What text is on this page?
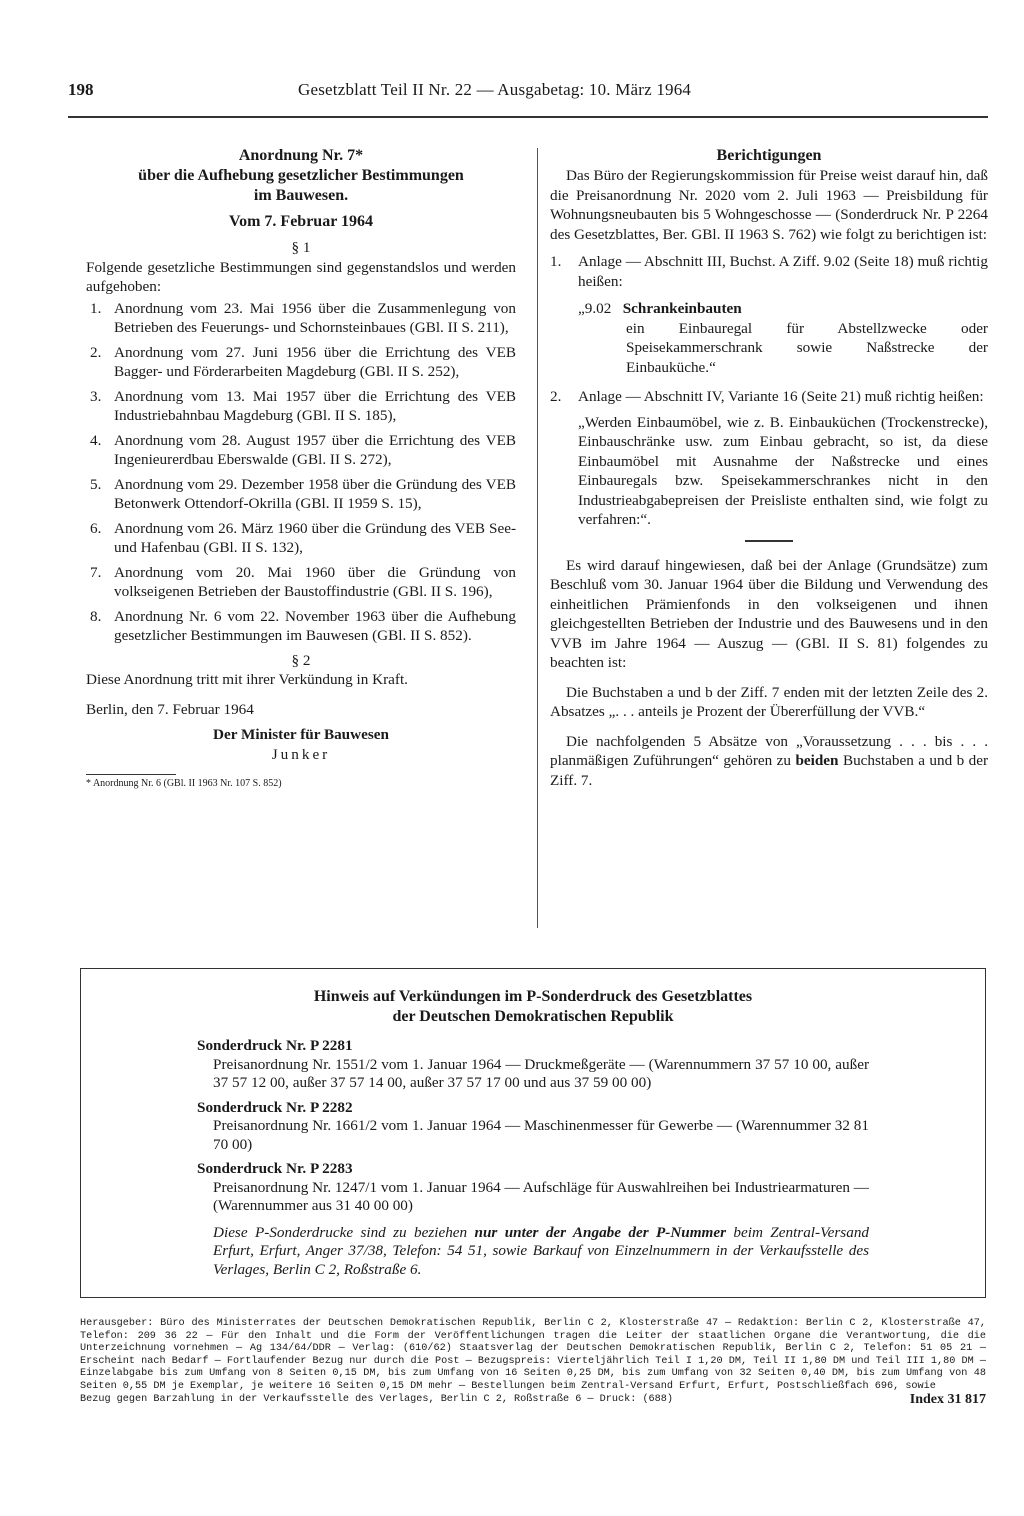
198	Gesetzblatt Teil II Nr. 22 — Ausgabetag: 10. März 1964
Anordnung Nr. 7*
über die Aufhebung gesetzlicher Bestimmungen
im Bauwesen.
Vom 7. Februar 1964
§ 1

Folgende gesetzliche Bestimmungen sind gegenstandslos und werden aufgehoben:

1. Anordnung vom 23. Mai 1956 über die Zusammenlegung von Betrieben des Feuerungs- und Schornsteinbaues (GBl. II S. 211),
2. Anordnung vom 27. Juni 1956 über die Errichtung des VEB Bagger- und Förderarbeiten Magdeburg (GBl. II S. 252),
3. Anordnung vom 13. Mai 1957 über die Errichtung des VEB Industriebahnbau Magdeburg (GBl. II S. 185),
4. Anordnung vom 28. August 1957 über die Errichtung des VEB Ingenieurerdbau Eberswalde (GBl. II S. 272),
5. Anordnung vom 29. Dezember 1958 über die Gründung des VEB Betonwerk Ottendorf-Okrilla (GBl. II 1959 S. 15),
6. Anordnung vom 26. März 1960 über die Gründung des VEB See- und Hafenbau (GBl. II S. 132),
7. Anordnung vom 20. Mai 1960 über die Gründung von volkseigenen Betrieben der Baustoffindustrie (GBl. II S. 196),
8. Anordnung Nr. 6 vom 22. November 1963 über die Aufhebung gesetzlicher Bestimmungen im Bauwesen (GBl. II S. 852).
§ 2

Diese Anordnung tritt mit ihrer Verkündung in Kraft.

Berlin, den 7. Februar 1964

Der Minister für Bauwesen
Junker
* Anordnung Nr. 6 (GBl. II 1963 Nr. 107 S. 852)
Berichtigungen

Das Büro der Regierungskommission für Preise weist darauf hin, daß die Preisanordnung Nr. 2020 vom 2. Juli 1963 — Preisbildung für Wohnungsneubauten bis 5 Wohngeschosse — (Sonderdruck Nr. P 2264 des Gesetzblattes, Ber. GBl. II 1963 S. 762) wie folgt zu berichtigen ist:

1. Anlage — Abschnitt III, Buchst. A Ziff. 9.02 (Seite 18) muß richtig heißen:
„9.02 Schrankeinbauten
ein Einbauregal für Abstellzwecke oder Speisekammerschrank sowie Naßstrecke der Einbauküche.“
2. Anlage — Abschnitt IV, Variante 16 (Seite 21) muß richtig heißen:
„Werden Einbaumöbel, wie z. B. Einbauküchen (Trockenstrecke), Einbauschränke usw. zum Einbau gebracht, so ist, da diese Einbaumöbel mit Ausnahme der Naßstrecke und eines Einbauregals bzw. Speisekammerschrankes nicht in den Industrieabgabepreisen der Preisliste enthalten sind, wie folgt zu verfahren:“.

Es wird darauf hingewiesen, daß bei der Anlage (Grundsätze) zum Beschluß vom 30. Januar 1964 über die Bildung und Verwendung des einheitlichen Prämienfonds in den volkseigenen und ihnen gleichgestellten Betrieben der Industrie und des Bauwesens und in den VVB im Jahre 1964 — Auszug — (GBl. II S. 81) folgendes zu beachten ist:

Die Buchstaben a und b der Ziff. 7 enden mit der letzten Zeile des 2. Absatzes „. . . anteils je Prozent der Übererfüllung der VVB.“

Die nachfolgenden 5 Absätze von „Voraussetzung . . . bis . . . planmäßigen Zuführungen“ gehören zu beiden Buchstaben a und b der Ziff. 7.

Hinweis auf Verkündungen im P-Sonderdruck des Gesetzblattes
der Deutschen Demokratischen Republik
Sonderdruck Nr. P 2281
Preisanordnung Nr. 1551/2 vom 1. Januar 1964 — Druckmeßgeräte — (Warennummern 37 57 10 00, außer 37 57 12 00, außer 37 57 14 00, außer 37 57 17 00 und aus 37 59 00 00)
Sonderdruck Nr. P 2282
Preisanordnung Nr. 1661/2 vom 1. Januar 1964 — Maschinenmesser für Gewerbe — (Warennummer 32 81 70 00)
Sonderdruck Nr. P 2283
Preisanordnung Nr. 1247/1 vom 1. Januar 1964 — Aufschläge für Auswahlreihen bei Industriearmaturen — (Warennummer aus 31 40 00 00)
Diese P-Sonderdrucke sind zu beziehen nur unter der Angabe der P-Nummer beim Zentral-Versand Erfurt, Erfurt, Anger 37/38, Telefon: 54 51, sowie Barkauf von Einzelnummern in der Verkaufsstelle des Verlages, Berlin C 2, Roßstraße 6.
Herausgeber: Büro des Ministerrates der Deutschen Demokratischen Republik, Berlin C 2, Klosterstraße 47 — Redaktion: Berlin C 2, Klosterstraße 47, Telefon: 209 36 22 — Für den Inhalt und die Form der Veröffentlichungen tragen die Leiter der staatlichen Organe die Verantwortung, die die Unterzeichnung vornehmen — Ag 134/64/DDR — Verlag: (610/62) Staatsverlag der Deutschen Demokratischen Republik, Berlin C 2, Telefon: 51 05 21 — Erscheint nach Bedarf — Fortlaufender Bezug nur durch die Post — Bezugspreis: Vierteljährlich Teil I 1,20 DM, Teil II 1,80 DM und Teil III 1,80 DM — Einzelabgabe bis zum Umfang von 8 Seiten 0,15 DM, bis zum Umfang von 16 Seiten 0,25 DM, bis zum Umfang von 32 Seiten 0,40 DM, bis zum Umfang von 48 Seiten 0,55 DM je Exemplar, je weitere 16 Seiten 0,15 DM mehr — Bestellungen beim Zentral-Versand Erfurt, Erfurt, Postschließfach 696, sowie
Bezug gegen Barzahlung in der Verkaufsstelle des Verlages, Berlin C 2, Roßstraße 6 — Druck: (688)	Index 31 817
